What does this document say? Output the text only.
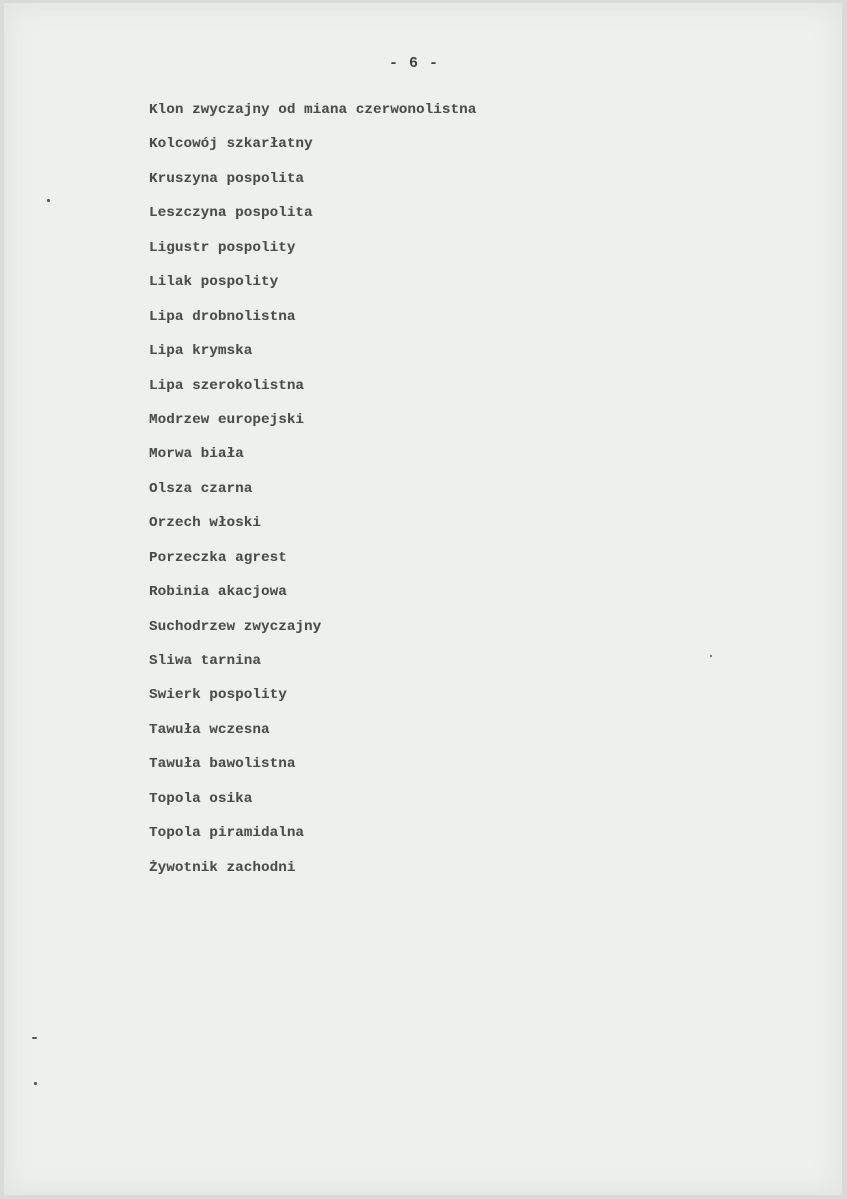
- 6 -

Klon zwyczajny od miana czerwonolistna
Kolcowój szkarłatny
Kruszyna pospolita
Leszczyna pospolita
Ligustr pospolity
Lilak pospolity
Lipa drobnolistna
Lipa krymska
Lipa szerokolistna
Modrzew europejski
Morwa biała
Olsza czarna
Orzech włoski
Porzeczka agrest
Robinia akacjowa
Suchodrzew zwyczajny
Sliwa tarnina
Swierk pospolity
Tawuła wczesna
Tawuła bawolistna
Topola osika
Topola piramidalna
Żywotnik zachodni
